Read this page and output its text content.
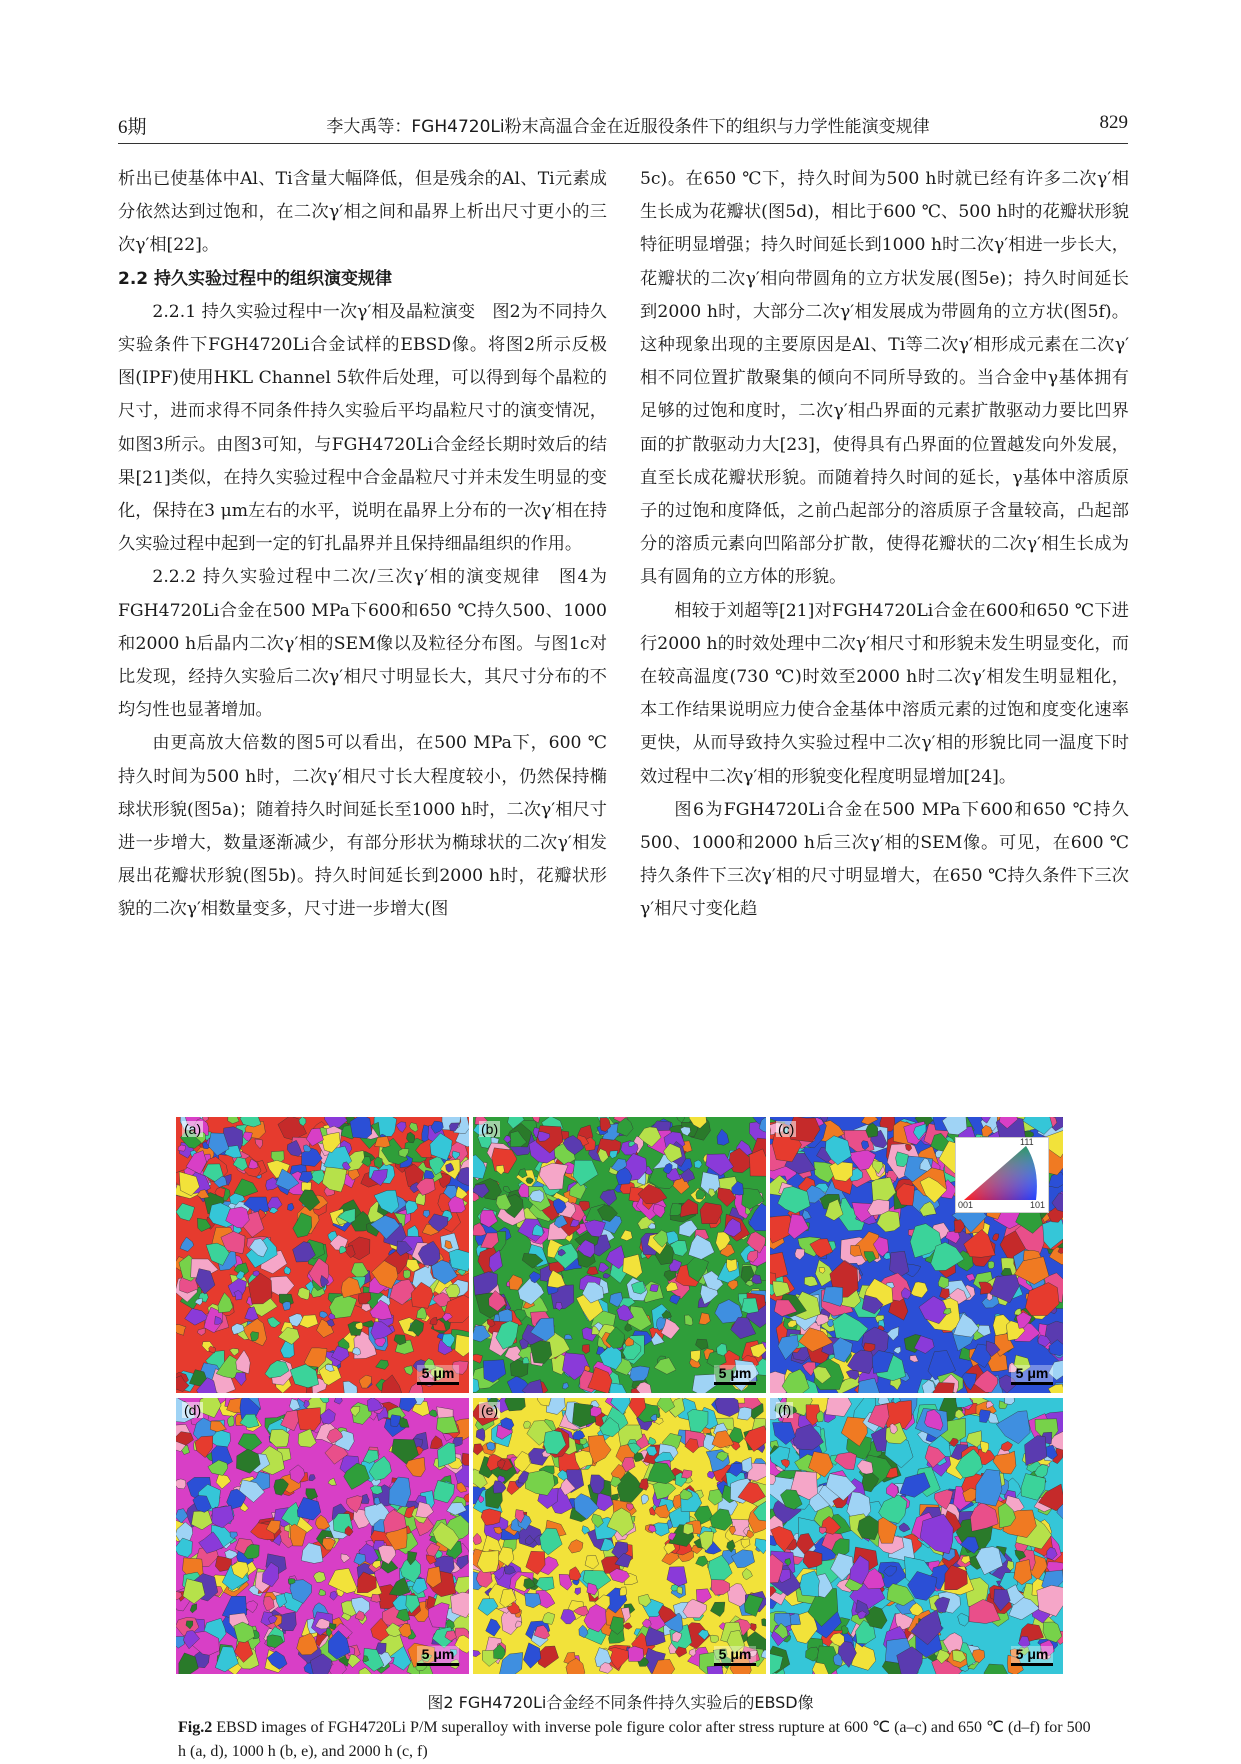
6期	李大禹等：FGH4720Li粉末高温合金在近服役条件下的组织与力学性能演变规律	829

析出已使基体中Al、Ti含量大幅降低，但是残余的Al、Ti元素成分依然达到过饱和，在二次γ′相之间和晶界上析出尺寸更小的三次γ′相[22]。

2.2 持久实验过程中的组织演变规律

2.2.1 持久实验过程中一次γ′相及晶粒演变　图2为不同持久实验条件下FGH4720Li合金试样的EBSD像。将图2所示反极图(IPF)使用HKL Channel 5软件后处理，可以得到每个晶粒的尺寸，进而求得不同条件持久实验后平均晶粒尺寸的演变情况，如图3所示。由图3可知，与FGH4720Li合金经长期时效后的结果[21]类似，在持久实验过程中合金晶粒尺寸并未发生明显的变化，保持在3 μm左右的水平，说明在晶界上分布的一次γ′相在持久实验过程中起到一定的钉扎晶界并且保持细晶组织的作用。

2.2.2 持久实验过程中二次/三次γ′相的演变规律　图4为FGH4720Li合金在500 MPa下600和650 ℃持久500、1000和2000 h后晶内二次γ′相的SEM像以及粒径分布图。与图1c对比发现，经持久实验后二次γ′相尺寸明显长大，其尺寸分布的不均匀性也显著增加。

由更高放大倍数的图5可以看出，在500 MPa下，600 ℃持久时间为500 h时，二次γ′相尺寸长大程度较小，仍然保持椭球状形貌(图5a)；随着持久时间延长至1000 h时，二次γ′相尺寸进一步增大，数量逐渐减少，有部分形状为椭球状的二次γ′相发展出花瓣状形貌(图5b)。持久时间延长到2000 h时，花瓣状形貌的二次γ′相数量变多，尺寸进一步增大(图

5c)。在650 ℃下，持久时间为500 h时就已经有许多二次γ′相生长成为花瓣状(图5d)，相比于600 ℃、500 h时的花瓣状形貌特征明显增强；持久时间延长到1000 h时二次γ′相进一步长大，花瓣状的二次γ′相向带圆角的立方状发展(图5e)；持久时间延长到2000 h时，大部分二次γ′相发展成为带圆角的立方状(图5f)。这种现象出现的主要原因是Al、Ti等二次γ′相形成元素在二次γ′相不同位置扩散聚集的倾向不同所导致的。当合金中γ基体拥有足够的过饱和度时，二次γ′相凸界面的元素扩散驱动力要比凹界面的扩散驱动力大[23]，使得具有凸界面的位置越发向外发展，直至长成花瓣状形貌。而随着持久时间的延长，γ基体中溶质原子的过饱和度降低，之前凸起部分的溶质原子含量较高，凸起部分的溶质元素向凹陷部分扩散，使得花瓣状的二次γ′相生长成为具有圆角的立方体的形貌。

相较于刘超等[21]对FGH4720Li合金在600和650 ℃下进行2000 h的时效处理中二次γ′相尺寸和形貌未发生明显变化，而在较高温度(730 ℃)时效至2000 h时二次γ′相发生明显粗化，本工作结果说明应力使合金基体中溶质元素的过饱和度变化速率更快，从而导致持久实验过程中二次γ′相的形貌比同一温度下时效过程中二次γ′相的形貌变化程度明显增加[24]。

图6为FGH4720Li合金在500 MPa下600和650 ℃持久500、1000和2000 h后三次γ′相的SEM像。可见，在600 ℃持久条件下三次γ′相的尺寸明显增大，在650 ℃持久条件下三次γ′相尺寸变化趋

(a)
5 μm
(b)
5 μm
(c)
111
001	101
5 μm
(d)
5 μm
(e)
5 μm
(f)
5 μm
图2 FGH4720Li合金经不同条件持久实验后的EBSD像
Fig.2 EBSD images of FGH4720Li P/M superalloy with inverse pole figure color after stress rupture at 600 ℃ (a–c) and 650 ℃ (d–f) for 500 h (a, d), 1000 h (b, e), and 2000 h (c, f)
